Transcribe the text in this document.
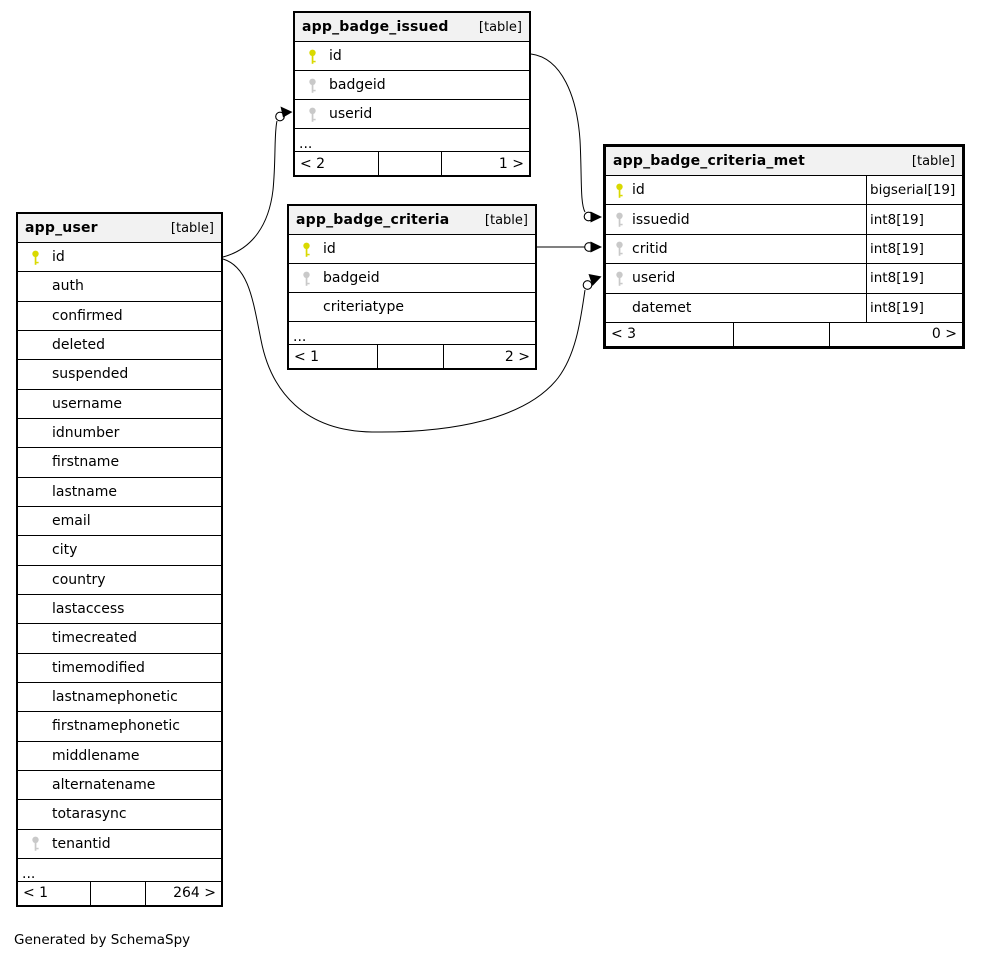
app_badge_issued [table]
id
badgeid
userid
...
< 2	1 >
app_badge_criteria	[table]
id
badgeid
criteriatype
...
< 1	2 >
app_badge_criteria_met	[table]
id	bigserial[19]
issuedid	int8[19]
critid	int8[19]
userid	int8[19]
datemet	int8[19]
< 3	0 >
app_user	[table]
id
auth
confirmed
deleted
suspended
username
idnumber
firstname
lastname
email
city
country
lastaccess
timecreated
timemodified
lastnamephonetic
firstnamephonetic
middlename
alternatename
totarasync
tenantid
...
< 1	264 >
Generated by SchemaSpy
